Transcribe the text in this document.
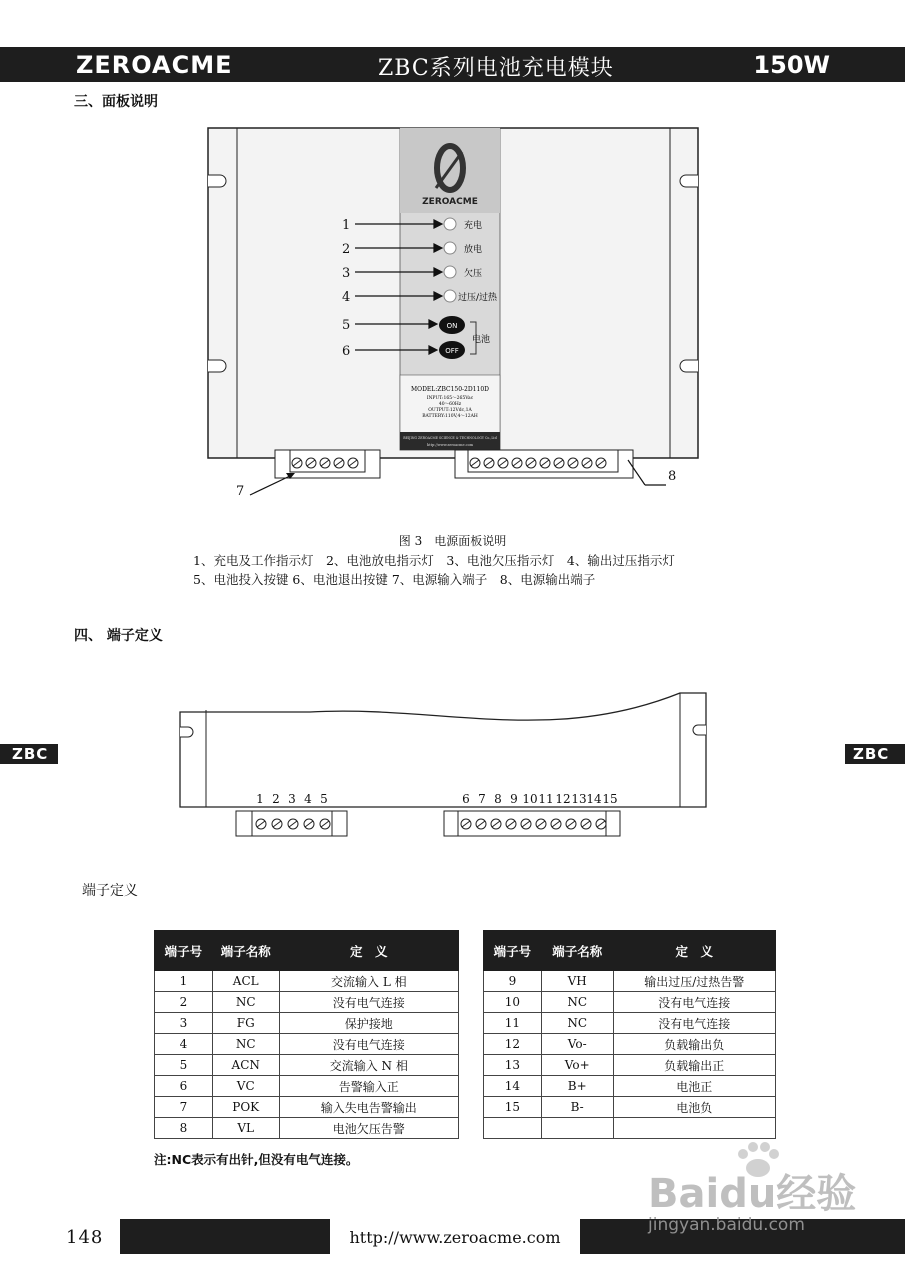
ZEROACME	ZBC系列电池充电模块	150W
三、面板说明
ZEROACME
充电
放电
欠压
过压/过热
ON
OFF
电池
MODEL:ZBC150-2D110D
INPUT:165～265Vac
40～60Hz
OUTPUT:12Vdc,1A
BATTERY:110V,4～12AH
BEIJING ZEROACME SCIENCE & TECHNOLOGY Co.,Ltd
http://www.zeroacme.com
1
2
3
4
5
6
7
8
图 3　电源面板说明
1、充电及工作指示灯　2、电池放电指示灯　3、电池欠压指示灯　4、输出过压指示灯
5、电池投入按键 6、电池退出按键 7、电源输入端子　8、电源输出端子
四、 端子定义
ZBC	ZBC
1 2 3 4 5	6 7 8 9 10 11 12 13 14 15
端子定义
端子号	端子名称	定　义
1	ACL	交流输入 L 相
2	NC	没有电气连接
3	FG	保护接地
4	NC	没有电气连接
5	ACN	交流输入 N 相
6	VC	告警输入正
7	POK	输入失电告警输出
8	VL	电池欠压告警
端子号	端子名称	定　义
9	VH	输出过压/过热告警
10	NC	没有电气连接
11	NC	没有电气连接
12	Vo-	负载输出负
13	Vo+	负载输出正
14	B+	电池正
15	B-	电池负

注:NC表示有出针,但没有电气连接。
148	http://www.zeroacme.com
Baidu经验
jingyan.baidu.com
